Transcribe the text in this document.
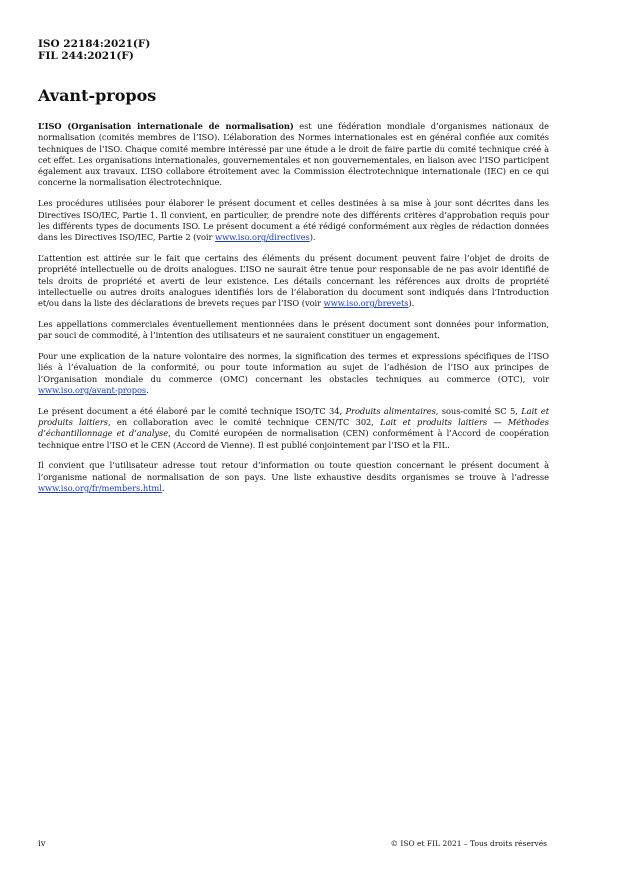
ISO 22184:2021(F)
FIL 244:2021(F)
Avant-propos

L’ISO (Organisation internationale de normalisation) est une fédération mondiale d’organismes nationaux de normalisation (comités membres de l’ISO). L’élaboration des Normes internationales est en général confiée aux comités techniques de l’ISO. Chaque comité membre intéressé par une étude a le droit de faire partie du comité technique créé à cet effet. Les organisations internationales, gouvernementales et non gouvernementales, en liaison avec l’ISO participent également aux travaux. L’ISO collabore étroitement avec la Commission électrotechnique internationale (IEC) en ce qui concerne la normalisation électrotechnique.

Les procédures utilisées pour élaborer le présent document et celles destinées à sa mise à jour sont décrites dans les Directives ISO/IEC, Partie 1. Il convient, en particulier, de prendre note des différents critères d’approbation requis pour les différents types de documents ISO. Le présent document a été rédigé conformément aux règles de rédaction données dans les Directives ISO/IEC, Partie 2 (voir www.iso.org/directives).

L’attention est attirée sur le fait que certains des éléments du présent document peuvent faire l’objet de droits de propriété intellectuelle ou de droits analogues. L’ISO ne saurait être tenue pour responsable de ne pas avoir identifié de tels droits de propriété et averti de leur existence. Les détails concernant les références aux droits de propriété intellectuelle ou autres droits analogues identifiés lors de l’élaboration du document sont indiqués dans l’Introduction et/ou dans la liste des déclarations de brevets reçues par l’ISO (voir www.iso.org/brevets).

Les appellations commerciales éventuellement mentionnées dans le présent document sont données pour information, par souci de commodité, à l’intention des utilisateurs et ne sauraient constituer un engagement.

Pour une explication de la nature volontaire des normes, la signification des termes et expressions spécifiques de l’ISO liés à l’évaluation de la conformité, ou pour toute information au sujet de l’adhésion de l’ISO aux principes de l’Organisation mondiale du commerce (OMC) concernant les obstacles techniques au commerce (OTC), voir www.iso.org/avant-propos.

Le présent document a été élaboré par le comité technique ISO/TC 34, Produits alimentaires, sous-comité SC 5, Lait et produits laitiers, en collaboration avec le comité technique CEN/TC 302, Lait et produits laitiers — Méthodes d’échantillonnage et d’analyse, du Comité européen de normalisation (CEN) conformément à l’Accord de coopération technique entre l’ISO et le CEN (Accord de Vienne). Il est publié conjointement par l’ISO et la FIL.

Il convient que l’utilisateur adresse tout retour d’information ou toute question concernant le présent document à l’organisme national de normalisation de son pays. Une liste exhaustive desdits organismes se trouve à l’adresse www.iso.org/fr/members.html.

iv	© ISO et FIL 2021 – Tous droits réservés
